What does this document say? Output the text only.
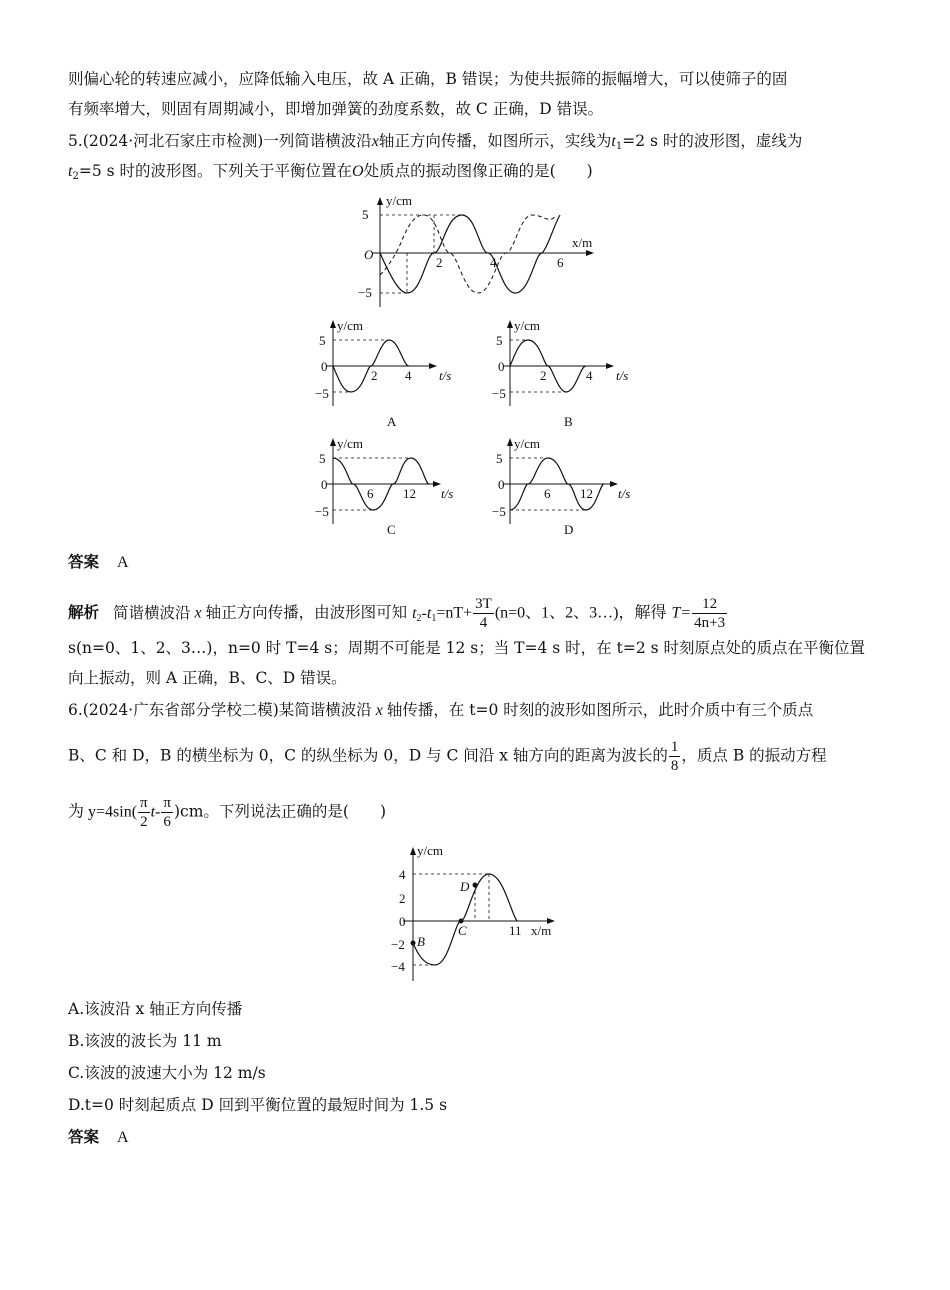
则偏心轮的转速应减小，应降低输入电压，故 A 正确，B 错误；为使共振筛的振幅增大，可以使筛子的固
有频率增大，则固有周期减小，即增加弹簧的劲度系数，故 C 正确，D 错误。
5.(2024·河北石家庄市检测)一列简谐横波沿x轴正方向传播，如图所示，实线为$t_1=2$ s 时的波形图，虚线为
$t_2=5$ s 时的波形图。下列关于平衡位置在O处质点的振动图像正确的是(　　)
y/cm
x/m
5
−5
O
2	4	6
y/cm
5
0
−5
2 4 t/s
A
y/cm
5
0
−5
2	4 t/s
B
y/cm
5
0
−5
6 12 t/s
C
y/cm
5
0
−5
6 12 t/s
D
答案 A
解析 简谐横波沿 x 轴正方向传播，由波形图可知 $t_2-t_1=nT+ \frac{3T}{4} (n=0$、1、2、3…)，解得 $T= \frac{12}{4n+3}$
s(n=0、1、2、3…)，n=0 时 T=4 s；周期不可能是 12 s；当 T=4 s 时，在 t=2 s 时刻原点处的质点在平衡位置
向上振动，则 A 正确，B、C、D 错误。
6.(2024·广东省部分学校二模)某简谐横波沿 x 轴传播，在 t=0 时刻的波形如图所示，此时介质中有三个质点
B、C 和 D，B 的横坐标为 0，C 的纵坐标为 0，D 与 C 间沿 x 轴方向的距离为波长的 $\frac{1}{8}$ ，质点 B 的振动方程
为 $y=4\sin( \frac{\pi}{2} t- \frac{\pi}{6} )cm$。下列说法正确的是(　　)
y/cm
x/m
4
2
0
−2
−4
11
B
C
D
A.该波沿 x 轴正方向传播
B.该波的波长为 11 m
C.该波的波速大小为 12 m/s
D.t=0 时刻起质点 D 回到平衡位置的最短时间为 1.5 s
答案 A
